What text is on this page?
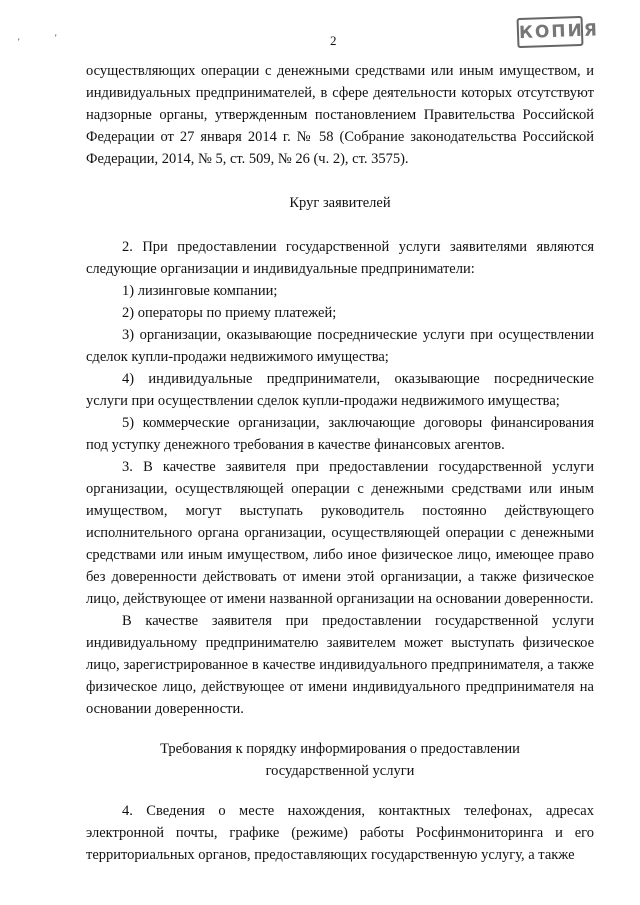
'	'	2	КОПИЯ

осуществляющих операции с денежными средствами или иным имуществом, и индивидуальных предпринимателей, в сфере деятельности которых отсутствуют надзорные органы, утвержденным постановлением Правительства Российской Федерации от 27 января 2014 г. № 58 (Собрание законодательства Российской Федерации, 2014, № 5, ст. 509, № 26 (ч. 2), ст. 3575).

Круг заявителей

2. При предоставлении государственной услуги заявителями являются следующие организации и индивидуальные предприниматели:

1) лизинговые компании;

2) операторы по приему платежей;

3) организации, оказывающие посреднические услуги при осуществлении сделок купли-продажи недвижимого имущества;

4) индивидуальные предприниматели, оказывающие посреднические услуги при осуществлении сделок купли-продажи недвижимого имущества;

5) коммерческие организации, заключающие договоры финансирования под уступку денежного требования в качестве финансовых агентов.

3. В качестве заявителя при предоставлении государственной услуги организации, осуществляющей операции с денежными средствами или иным имуществом, могут выступать руководитель постоянно действующего исполнительного органа организации, осуществляющей операции с денежными средствами или иным имуществом, либо иное физическое лицо, имеющее право без доверенности действовать от имени этой организации, а также физическое лицо, действующее от имени названной организации на основании доверенности.

В качестве заявителя при предоставлении государственной услуги индивидуальному предпринимателю заявителем может выступать физическое лицо, зарегистрированное в качестве индивидуального предпринимателя, а также физическое лицо, действующее от имени индивидуального предпринимателя на основании доверенности.

Требования к порядку информирования о предоставлении

государственной услуги

4. Сведения о месте нахождения, контактных телефонах, адресах электронной почты, графике (режиме) работы Росфинмониторинга и его территориальных органов, предоставляющих государственную услугу, а также
